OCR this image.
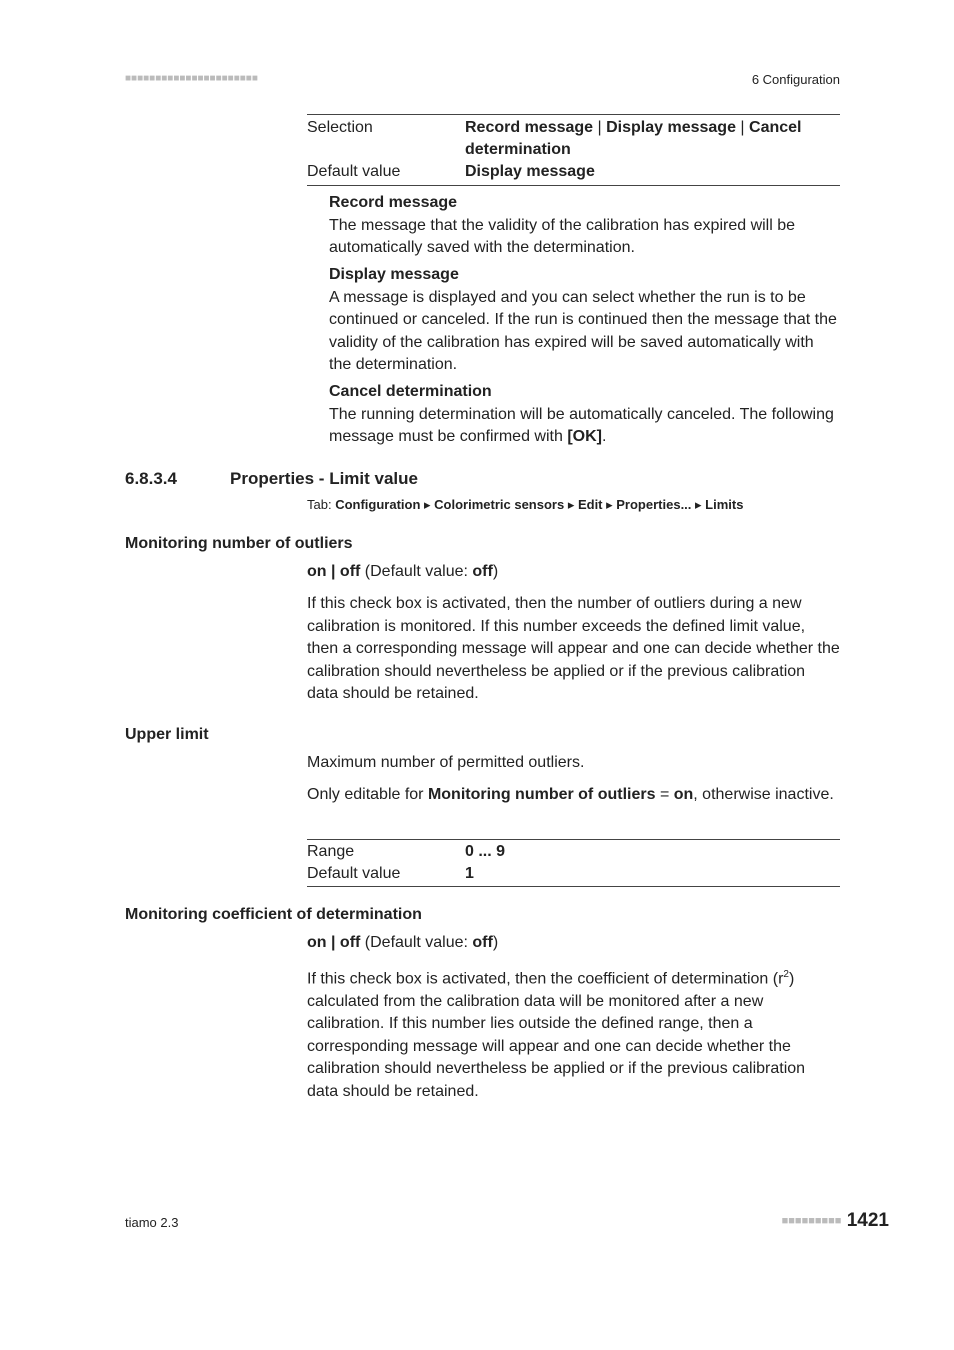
■■■■■■■■■■■■■■■■■■■■■■	6 Configuration
Selection	Record message | Display message | Cancel determination
Default value	Display message
Record message
The message that the validity of the calibration has expired will be automatically saved with the determination.
Display message
A message is displayed and you can select whether the run is to be continued or canceled. If the run is continued then the message that the validity of the calibration has expired will be saved automatically with the determination.
Cancel determination
The running determination will be automatically canceled. The following message must be confirmed with [OK].
6.8.3.4	Properties - Limit value
Tab: Configuration ▸ Colorimetric sensors ▸ Edit ▸ Properties... ▸ Limits
Monitoring number of outliers
on | off (Default value: off)
If this check box is activated, then the number of outliers during a new calibration is monitored. If this number exceeds the defined limit value, then a corresponding message will appear and one can decide whether the calibration should nevertheless be applied or if the previous calibration data should be retained.
Upper limit
Maximum number of permitted outliers.
Only editable for Monitoring number of outliers = on, otherwise inactive.
Range	0 ... 9
Default value	1
Monitoring coefficient of determination
on | off (Default value: off)
If this check box is activated, then the coefficient of determination $(r^2)$ calculated from the calibration data will be monitored after a new calibration. If this number lies outside the defined range, then a corresponding message will appear and one can decide whether the calibration should nevertheless be applied or if the previous calibration data should be retained.
tiamo 2.3	■■■■■■■■■ 1421
